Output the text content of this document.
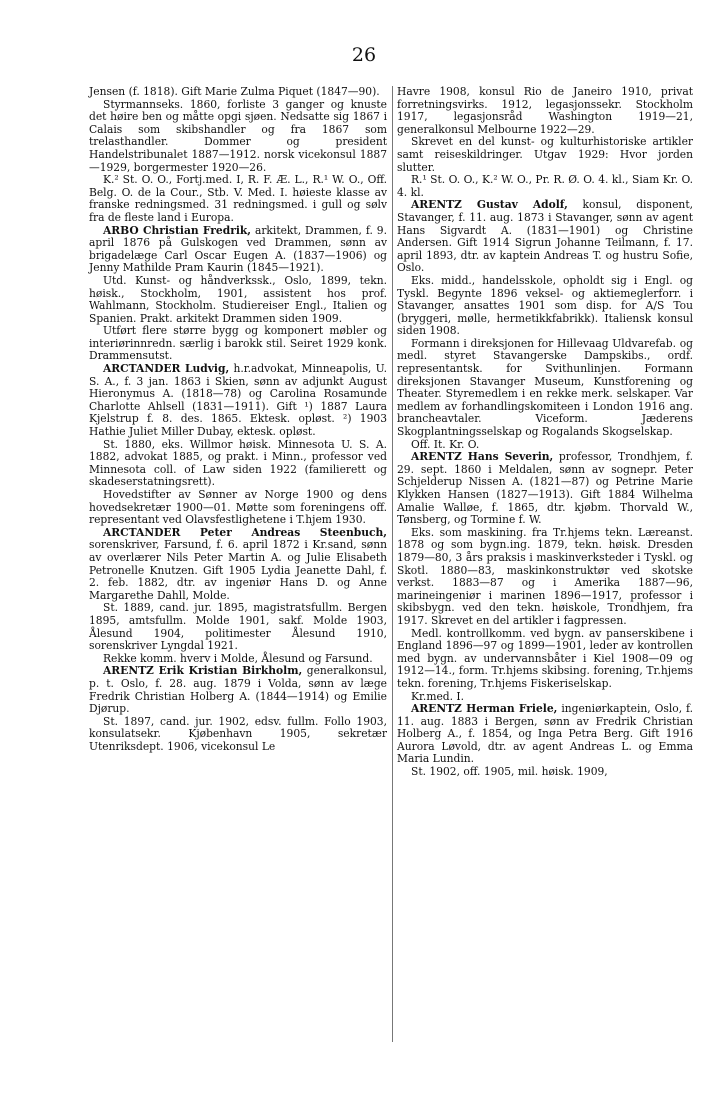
26

Jensen (f. 1818). Gift Marie Zulma Piquet (1847—90).

Styrmannseks. 1860, forliste 3 ganger og knuste det høire ben og måtte opgi sjøen. Nedsatte sig 1867 i Calais som skibshandler og fra 1867 som trelasthandler. Dommer og president Handelstribunalet 1887—1912. norsk vicekonsul 1887—1929, borgermester 1920—26.

K.² St. O. O., Fortj.med. I, R. F. Æ. L., R.¹ W. O., Off. Belg. O. de la Cour., Stb. V. Med. I. høieste klasse av franske redningsmed. 31 redningsmed. i gull og sølv fra de fleste land i Europa.

ARBO Christian Fredrik, arkitekt, Drammen, f. 9. april 1876 på Gulskogen ved Drammen, sønn av brigadelæge Carl Oscar Eugen A. (1837—1906) og Jenny Mathilde Pram Kaurin (1845—1921).

Utd. Kunst- og håndverkssk., Oslo, 1899, tekn. høisk., Stockholm, 1901, assistent hos prof. Wahlmann, Stockholm. Studiereiser Engl., Italien og Spanien. Prakt. arkitekt Drammen siden 1909.

Utført flere større bygg og komponert møbler og interiørinnredn. særlig i barokk stil. Seiret 1929 konk. Drammensutst.

ARCTANDER Ludvig, h.r.advokat, Minneapolis, U. S. A., f. 3 jan. 1863 i Skien, sønn av adjunkt August Hieronymus A. (1818—78) og Carolina Rosamunde Charlotte Ahlsell (1831—1911). Gift ¹) 1887 Laura Kjelstrup f. 8. des. 1865. Ektesk. opløst. ²) 1903 Hathie Juliet Miller Dubay, ektesk. opløst.

St. 1880, eks. Willmor høisk. Minnesota U. S. A. 1882, advokat 1885, og prakt. i Minn., professor ved Minnesota coll. of Law siden 1922 (familierett og skadeserstatningsrett).

Hovedstifter av Sønner av Norge 1900 og dens hovedsekretær 1900—01. Møtte som foreningens off. representant ved Olavsfestlighetene i T.hjem 1930.

ARCTANDER Peter Andreas Steenbuch, sorenskriver, Farsund, f. 6. april 1872 i Kr.sand, sønn av overlærer Nils Peter Martin A. og Julie Elisabeth Petronelle Knutzen. Gift 1905 Lydia Jeanette Dahl, f. 2. feb. 1882, dtr. av ingeniør Hans D. og Anne Margarethe Dahll, Molde.

St. 1889, cand. jur. 1895, magistratsfullm. Bergen 1895, amtsfullm. Molde 1901, sakf. Molde 1903, Ålesund 1904, politimester Ålesund 1910, sorenskriver Lyngdal 1921.

Rekke komm. hverv i Molde, Ålesund og Farsund.

ARENTZ Erik Kristian Birkholm, generalkonsul, p. t. Oslo, f. 28. aug. 1879 i Volda, sønn av læge Fredrik Christian Holberg A. (1844—1914) og Emilie Djørup.

St. 1897, cand. jur. 1902, edsv. fullm. Follo 1903, konsulatsekr. Kjøbenhavn 1905, sekretær Utenriksdept. 1906, vicekonsul Le

Havre 1908, konsul Rio de Janeiro 1910, privat forretningsvirks. 1912, legasjonssekr. Stockholm 1917, legasjonsråd Washington 1919—21, generalkonsul Melbourne 1922—29.

Skrevet en del kunst- og kulturhistoriske artikler samt reiseskildringer. Utgav 1929: Hvor jorden slutter.

R.¹ St. O. O., K.² W. O., Pr. R. Ø. O. 4. kl., Siam Kr. O. 4. kl.

ARENTZ Gustav Adolf, konsul, disponent, Stavanger, f. 11. aug. 1873 i Stavanger, sønn av agent Hans Sigvardt A. (1831—1901) og Christine Andersen. Gift 1914 Sigrun Johanne Teilmann, f. 17. april 1893, dtr. av kaptein Andreas T. og hustru Sofie, Oslo.

Eks. midd., handelsskole, opholdt sig i Engl. og Tyskl. Begynte 1896 veksel- og aktiemeglerforr. i Stavanger, ansattes 1901 som disp. for A/S Tou (bryggeri, mølle, hermetikkfabrikk). Italiensk konsul siden 1908.

Formann i direksjonen for Hillevaag Uldvarefab. og medl. styret Stavangerske Dampskibs., ordf. representantsk. for Svithunlinjen. Formann direksjonen Stavanger Museum, Kunstforening og Theater. Styremedlem i en rekke merk. selskaper. Var medlem av forhandlingskomiteen i London 1916 ang. brancheavtaler. Viceform. Jæderens Skogplantningsselskap og Rogalands Skogselskap.

Off. It. Kr. O.

ARENTZ Hans Severin, professor, Trondhjem, f. 29. sept. 1860 i Meldalen, sønn av sognepr. Peter Schjelderup Nissen A. (1821—87) og Petrine Marie Klykken Hansen (1827—1913). Gift 1884 Wilhelma Amalie Walløe, f. 1865, dtr. kjøbm. Thorvald W., Tønsberg, og Tormine f. W.

Eks. som maskining. fra Tr.hjems tekn. Læreanst. 1878 og som bygn.ing. 1879, tekn. høisk. Dresden 1879—80, 3 års praksis i maskinverksteder i Tyskl. og Skotl. 1880—83, maskinkonstruktør ved skotske verkst. 1883—87 og i Amerika 1887—96, marineingeniør i marinen 1896—1917, professor i skibsbygn. ved den tekn. høiskole, Trondhjem, fra 1917. Skrevet en del artikler i fagpressen.

Medl. kontrollkomm. ved bygn. av panserskibene i England 1896—97 og 1899—1901, leder av kontrollen med bygn. av undervannsbåter i Kiel 1908—09 og 1912—14., form. Tr.hjems skibsing. forening, Tr.hjems tekn. forening, Tr.hjems Fiskeriselskap.

Kr.med. I.

ARENTZ Herman Friele, ingeniørkaptein, Oslo, f. 11. aug. 1883 i Bergen, sønn av Fredrik Christian Holberg A., f. 1854, og Inga Petra Berg. Gift 1916 Aurora Løvold, dtr. av agent Andreas L. og Emma Maria Lundin.

St. 1902, off. 1905, mil. høisk. 1909,
